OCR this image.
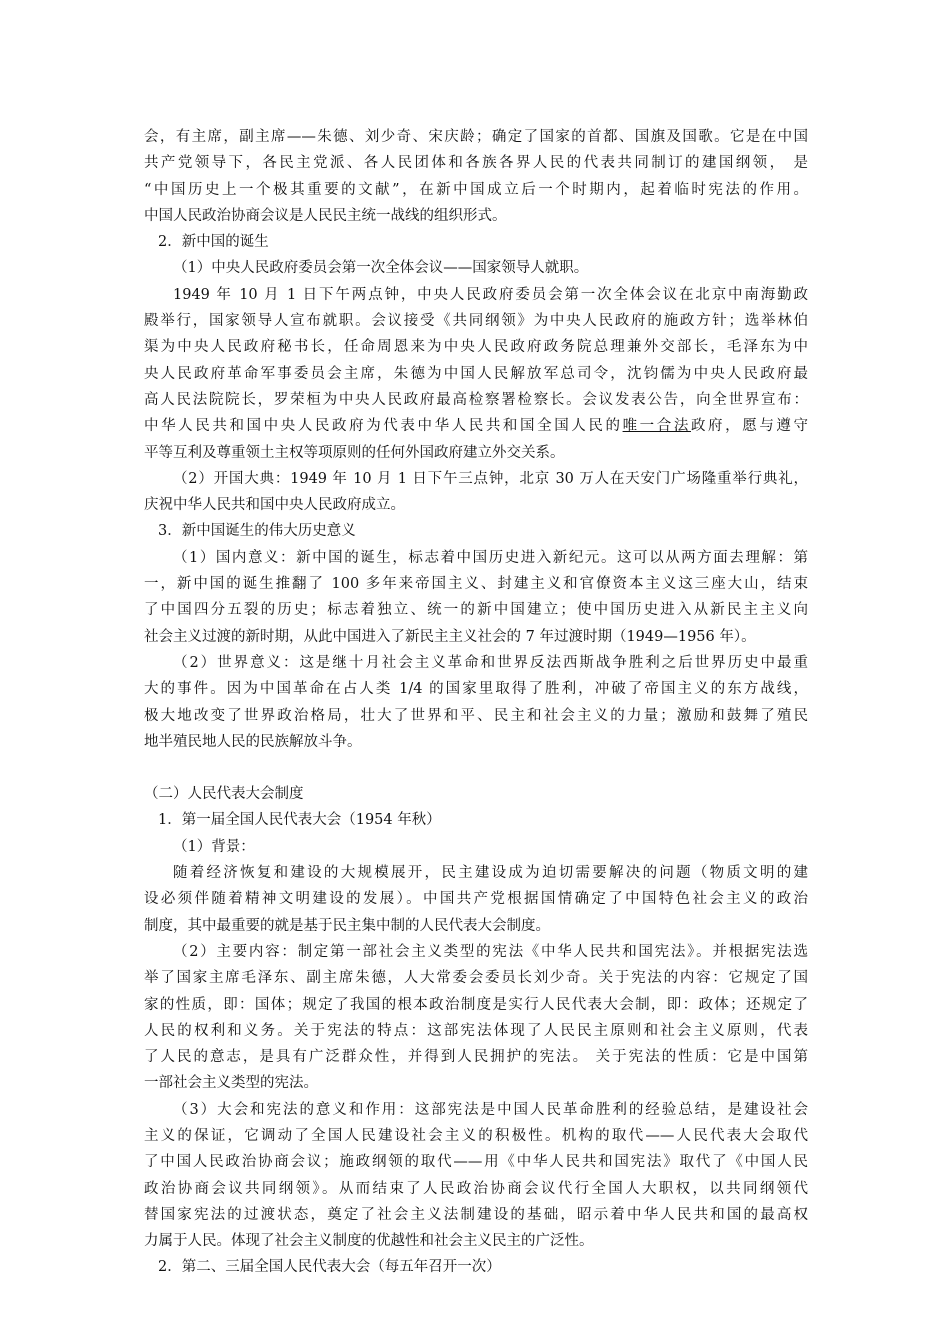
会，有主席，副主席——朱德、刘少奇、宋庆龄；确定了国家的首都、国旗及国歌。它是在中国
共产党领导下，各民主党派、各人民团体和各族各界人民的代表共同制订的建国纲领， 是
“中国历史上一个极其重要的文献”，在新中国成立后一个时期内，起着临时宪法的作用。
中国人民政治协商会议是人民民主统一战线的组织形式。
2．新中国的诞生
（1）中央人民政府委员会第一次全体会议——国家领导人就职。
1949 年 10 月 1 日下午两点钟，中央人民政府委员会第一次全体会议在北京中南海勤政
殿举行，国家领导人宣布就职。会议接受《共同纲领》为中央人民政府的施政方针；选举林伯
渠为中央人民政府秘书长，任命周恩来为中央人民政府政务院总理兼外交部长，毛泽东为中
央人民政府革命军事委员会主席，朱德为中国人民解放军总司令，沈钧儒为中央人民政府最
高人民法院院长，罗荣桓为中央人民政府最高检察署检察长。会议发表公告，向全世界宣布：
中华人民共和国中央人民政府为代表中华人民共和国全国人民的唯一合法政府，愿与遵守
平等互利及尊重领土主权等项原则的任何外国政府建立外交关系。
（2）开国大典：1949 年 10 月 1 日下午三点钟，北京 30 万人在天安门广场隆重举行典礼，
庆祝中华人民共和国中央人民政府成立。
3．新中国诞生的伟大历史意义
（1）国内意义：新中国的诞生，标志着中国历史进入新纪元。这可以从两方面去理解：第
一，新中国的诞生推翻了 100 多年来帝国主义、封建主义和官僚资本主义这三座大山，结束
了中国四分五裂的历史；标志着独立、统一的新中国建立；使中国历史进入从新民主主义向
社会主义过渡的新时期，从此中国进入了新民主主义社会的 7 年过渡时期（1949—1956 年）。
（2）世界意义：这是继十月社会主义革命和世界反法西斯战争胜利之后世界历史中最重
大的事件。因为中国革命在占人类 1/4 的国家里取得了胜利，冲破了帝国主义的东方战线，
极大地改变了世界政治格局，壮大了世界和平、民主和社会主义的力量；激励和鼓舞了殖民
地半殖民地人民的民族解放斗争。
（二）人民代表大会制度
1．第一届全国人民代表大会（1954 年秋）
（1）背景：
随着经济恢复和建设的大规模展开，民主建设成为迫切需要解决的问题（物质文明的建
设必须伴随着精神文明建设的发展）。中国共产党根据国情确定了中国特色社会主义的政治
制度，其中最重要的就是基于民主集中制的人民代表大会制度。
（2）主要内容：制定第一部社会主义类型的宪法《中华人民共和国宪法》。并根据宪法选
举了国家主席毛泽东、副主席朱德，人大常委会委员长刘少奇。关于宪法的内容：它规定了国
家的性质，即：国体；规定了我国的根本政治制度是实行人民代表大会制，即：政体；还规定了
人民的权利和义务。关于宪法的特点：这部宪法体现了人民民主原则和社会主义原则，代表
了人民的意志，是具有广泛群众性，并得到人民拥护的宪法。 关于宪法的性质：它是中国第
一部社会主义类型的宪法。
（3）大会和宪法的意义和作用：这部宪法是中国人民革命胜利的经验总结，是建设社会
主义的保证，它调动了全国人民建设社会主义的积极性。机构的取代——人民代表大会取代
了中国人民政治协商会议；施政纲领的取代——用《中华人民共和国宪法》取代了《中国人民
政治协商会议共同纲领》。从而结束了人民政治协商会议代行全国人大职权，以共同纲领代
替国家宪法的过渡状态，奠定了社会主义法制建设的基础，昭示着中华人民共和国的最高权
力属于人民。体现了社会主义制度的优越性和社会主义民主的广泛性。
2．第二、三届全国人民代表大会（每五年召开一次）
